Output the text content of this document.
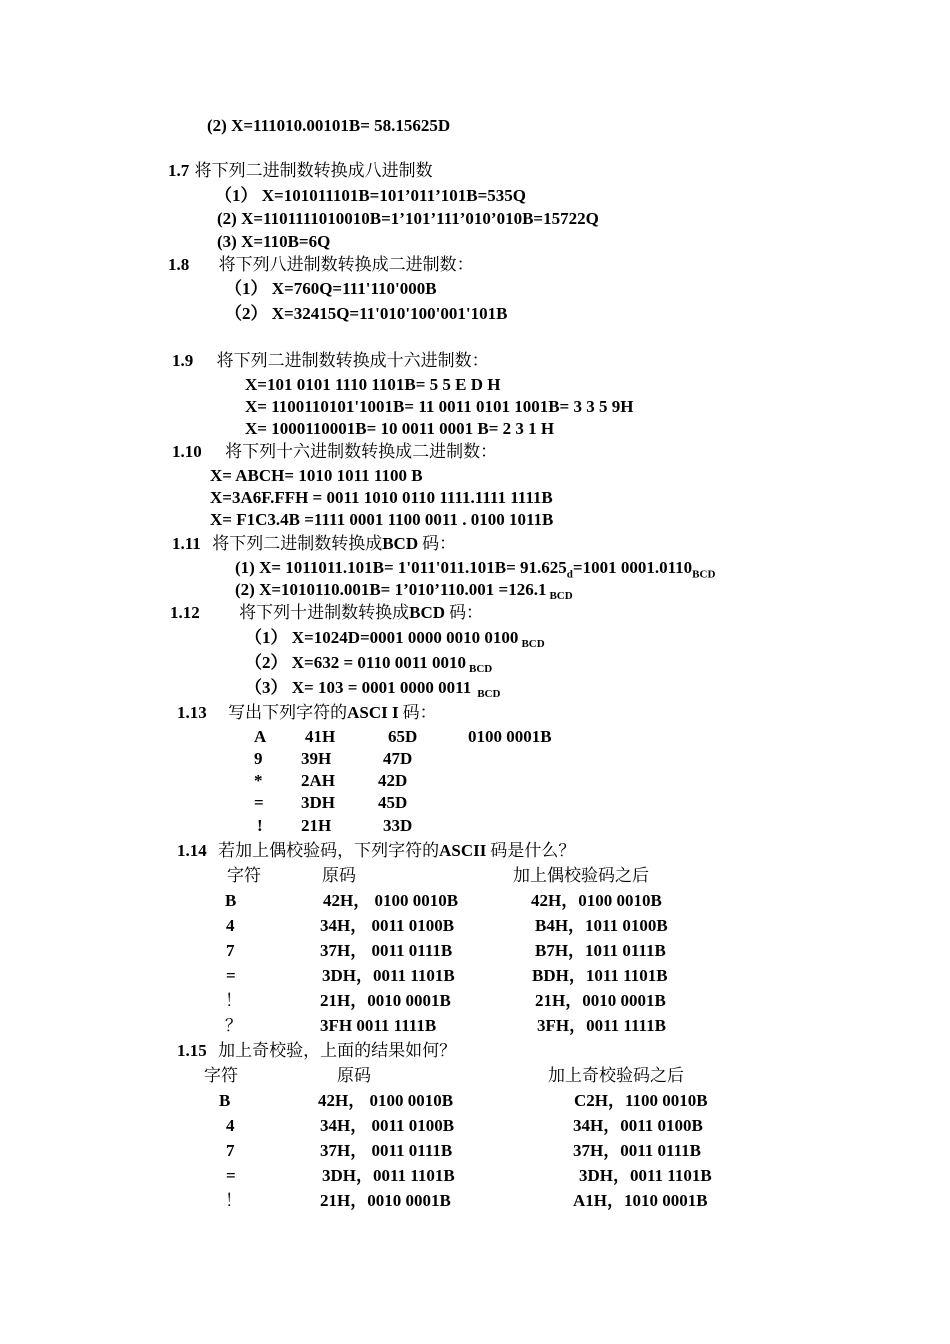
(2) X=111010.00101B= 58.15625D
1.7 将下列二进制数转换成八进制数
（1） X=101011101B=101’011’101B=535Q
(2) X=1101111010010B=1’101’111’010’010B=15722Q
(3) X=110B=6Q
1.8 将下列八进制数转换成二进制数：
（1） X=760Q=111'110'000B
（2） X=32415Q=11'010'100'001'101B
1.9 将下列二进制数转换成十六进制数：
X=101 0101 1110 1101B= 5 5 E D H
X= 1100110101'1001B= 11 0011 0101 1001B= 3 3 5 9H
X= 1000110001B= 10 0011 0001 B= 2 3 1 H
1.10 将下列十六进制数转换成二进制数：
X= ABCH= 1010 1011 1100 B
X=3A6F.FFH = 0011 1010 0110 1111.1111 1111B
X= F1C3.4B =1111 0001 1100 0011 . 0100 1011B
1.11 将下列二进制数转换成BCD 码：
(1) $X= 1011011.101B= 1'011'011.101B= 91.625_d=1001$ $0001.0110_{BCD}$
(2) X=1010110.001B= 1’010’110.001 =126.1 $_{BCD}$
1.12 将下列十进制数转换成BCD 码：
（1） X=1024D=0001 0000 0010 0100 $_{BCD}$
（2） X=632 = 0110 0011 0010 $_{BCD}$
（3） X= 103 = 0001 0000 0011 $_{BCD}$
1.13 写出下列字符的ASCI I 码：
A 41H	65D	0100 0001B
9 39H	47D
* 2AH	42D
= 3DH	45D
! 21H	33D
1.14 若加上偶校验码，下列字符的ASCII 码是什么？
字符	原码	加上偶校验码之后
B	42H， 0100 0010B	42H，0100 0010B
4	34H， 0011 0100B	B4H，1011 0100B
7	37H， 0011 0111B	B7H，1011 0111B
=	3DH，0011 1101B	BDH，1011 1101B
！	21H，0010 0001B	21H，0010 0001B
？	3FH 0011 1111B	3FH，0011 1111B
1.15 加上奇校验，上面的结果如何？
字符	原码	加上奇校验码之后
B	42H， 0100 0010B	C2H，1100 0010B
4	34H， 0011 0100B	34H，0011 0100B
7	37H， 0011 0111B	37H，0011 0111B
=	3DH，0011 1101B	3DH，0011 1101B
！	21H，0010 0001B	A1H，1010 0001B
